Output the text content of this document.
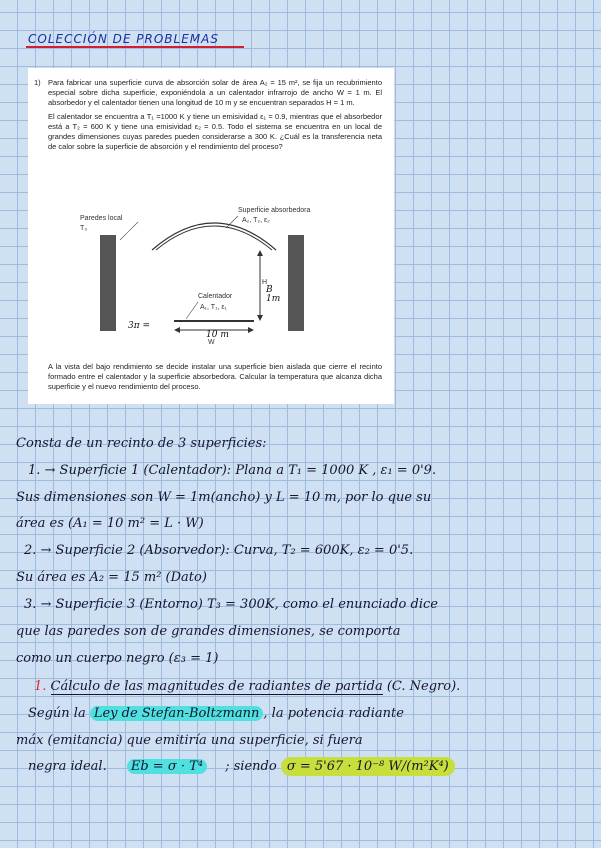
COLECCIÓN DE PROBLEMAS
1) Para fabricar una superficie curva de absorción solar de área A₂ = 15 m², se fija un recubrimiento especial sobre dicha superficie, exponiéndola a un calentador infrarrojo de ancho W = 1 m. El absorbedor y el calentador tienen una longitud de 10 m y se encuentran separados H = 1 m.

El calentador se encuentra a T₁ =1000 K y tiene un emisividad ε₁ = 0.9, mientras que el absorbedor está a T₂ = 600 K y tiene una emisividad ε₂ = 0.5. Todo el sistema se encuentra en un local de grandes dimensiones cuyas paredes pueden considerarse a 300 K. ¿Cuál es la transferencia neta de calor sobre la superficie de absorción y el rendimiento del proceso?

Paredes local
T₃
Superficie absorbedora
A₂, T₂, ε₂
Calentador
A₁, T₁, ε₁
H
W
10 m
1m
B
3π =
A la vista del bajo rendimiento se decide instalar una superficie bien aislada que cierre el recinto formado entre el calentador y la superficie absorbedora. Calcular la temperatura que alcanza dicha superficie y el nuevo rendimiento del proceso.
Consta de un recinto de 3 superficies:
1. → Superficie 1 (Calentador): Plana a T₁ = 1000 K , ε₁ = 0'9.
Sus dimensiones son W = 1m(ancho) y L = 10 m, por lo que su
área es (A₁ = 10 m² = L · W)
2. → Superficie 2 (Absorvedor): Curva, T₂ = 600K, ε₂ = 0'5.
Su área es A₂ = 15 m² (Dato)
3. → Superficie 3 (Entorno) T₃ = 300K, como el enunciado dice
que las paredes son de grandes dimensiones, se comporta
como un cuerpo negro (ε₃ = 1)
1. Cálculo de las magnitudes de radiantes de partida (C. Negro).
Según la Ley de Stefan-Boltzmann , la potencia radiante
máx (emitancia) que emitiría una superficie, si fuera
negra ideal. Eb = σ · T⁴ ; siendo σ = 5'67 · 10⁻⁸ W/(m²K⁴)
